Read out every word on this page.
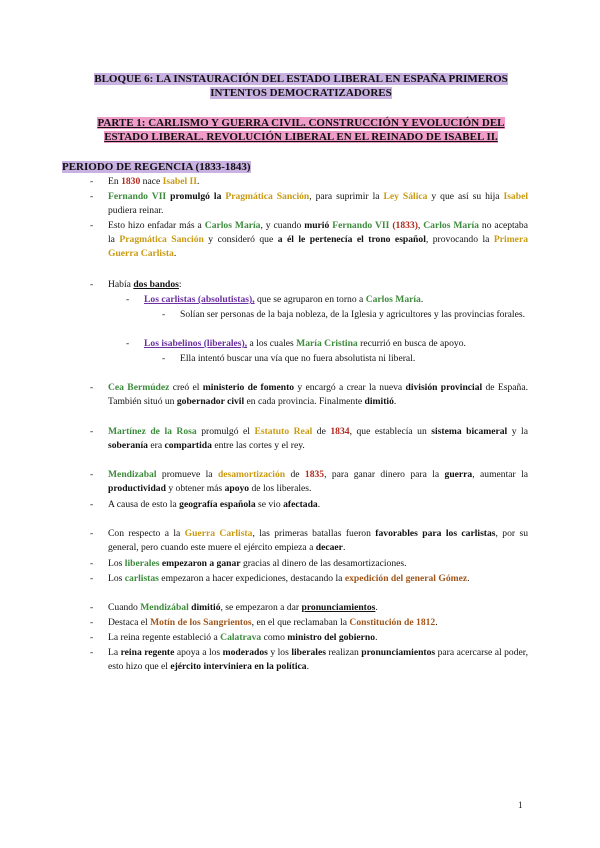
BLOQUE 6: LA INSTAURACIÓN DEL ESTADO LIBERAL EN ESPAÑA PRIMEROS
INTENTOS DEMOCRATIZADORES
PARTE 1: CARLISMO Y GUERRA CIVIL. CONSTRUCCIÓN Y EVOLUCIÓN DEL
ESTADO LIBERAL. REVOLUCIÓN LIBERAL EN EL REINADO DE ISABEL II.
PERIODO DE REGENCIA (1833-1843)
- En 1830 nace Isabel II.
- Fernando VII promulgó la Pragmática Sanción, para suprimir la Ley Sálica y que así su hija Isabel pudiera reinar.
- Esto hizo enfadar más a Carlos María, y cuando murió Fernando VII (1833), Carlos María no aceptaba la Pragmática Sanción y consideró que a él le pertenecía el trono español, provocando la Primera Guerra Carlista.
- Había dos bandos:
- Los carlistas (absolutistas), que se agruparon en torno a Carlos María.
- Solían ser personas de la baja nobleza, de la Iglesia y agricultores y las provincias forales.
- Los isabelinos (liberales), a los cuales María Cristina recurrió en busca de apoyo.
- Ella intentó buscar una vía que no fuera absolutista ni liberal.
- Cea Bermúdez creó el ministerio de fomento y encargó a crear la nueva división provincial de España. También situó un gobernador civil en cada provincia. Finalmente dimitió.
- Martínez de la Rosa promulgó el Estatuto Real de 1834, que establecía un sistema bicameral y la soberanía era compartida entre las cortes y el rey.
- Mendizabal promueve la desamortización de 1835, para ganar dinero para la guerra, aumentar la productividad y obtener más apoyo de los liberales.
- A causa de esto la geografía española se vio afectada.
- Con respecto a la Guerra Carlista, las primeras batallas fueron favorables para los carlistas, por su general, pero cuando este muere el ejército empieza a decaer.
- Los liberales empezaron a ganar gracias al dinero de las desamortizaciones.
- Los carlistas empezaron a hacer expediciones, destacando la expedición del general Gómez.
- Cuando Mendizábal dimitió, se empezaron a dar pronunciamientos.
- Destaca el Motín de los Sangrientos, en el que reclamaban la Constitución de 1812.
- La reina regente estableció a Calatrava como ministro del gobierno.
- La reina regente apoya a los moderados y los liberales realizan pronunciamientos para acercarse al poder, esto hizo que el ejército interviniera en la política.
1
